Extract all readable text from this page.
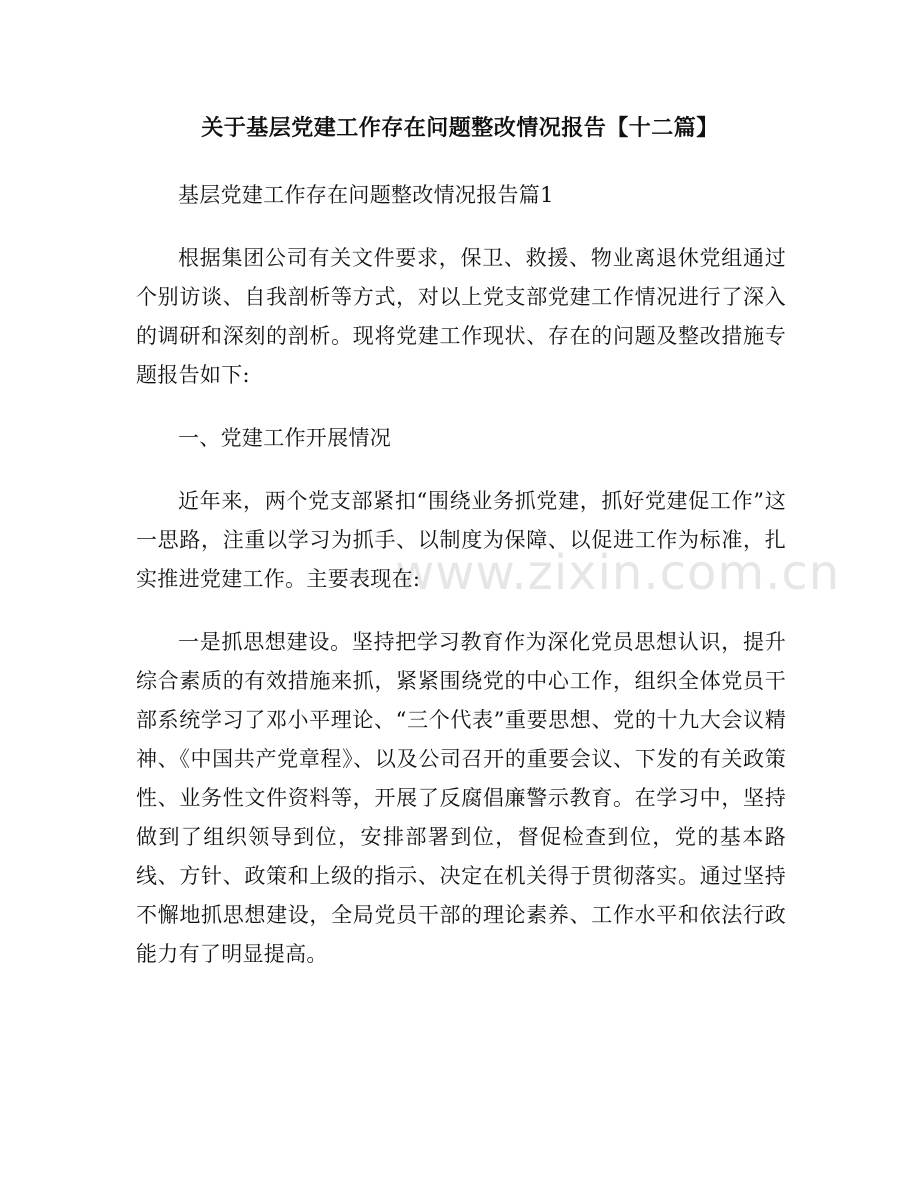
www.zixin.com.cn
关于基层党建工作存在问题整改情况报告【十二篇】

基层党建工作存在问题整改情况报告篇1

根据集团公司有关文件要求，保卫、救援、物业离退休党组通过个别访谈、自我剖析等方式，对以上党支部党建工作情况进行了深入的调研和深刻的剖析。现将党建工作现状、存在的问题及整改措施专题报告如下:

一、党建工作开展情况

近年来，两个党支部紧扣“围绕业务抓党建，抓好党建促工作”这一思路，注重以学习为抓手、以制度为保障、以促进工作为标准，扎实推进党建工作。主要表现在:

一是抓思想建设。坚持把学习教育作为深化党员思想认识，提升综合素质的有效措施来抓，紧紧围绕党的中心工作，组织全体党员干部系统学习了邓小平理论、“三个代表”重要思想、党的十九大会议精神、《中国共产党章程》、以及公司召开的重要会议、下发的有关政策性、业务性文件资料等，开展了反腐倡廉警示教育。在学习中，坚持做到了组织领导到位，安排部署到位，督促检查到位，党的基本路线、方针、政策和上级的指示、决定在机关得于贯彻落实。通过坚持不懈地抓思想建设，全局党员干部的理论素养、工作水平和依法行政能力有了明显提高。
